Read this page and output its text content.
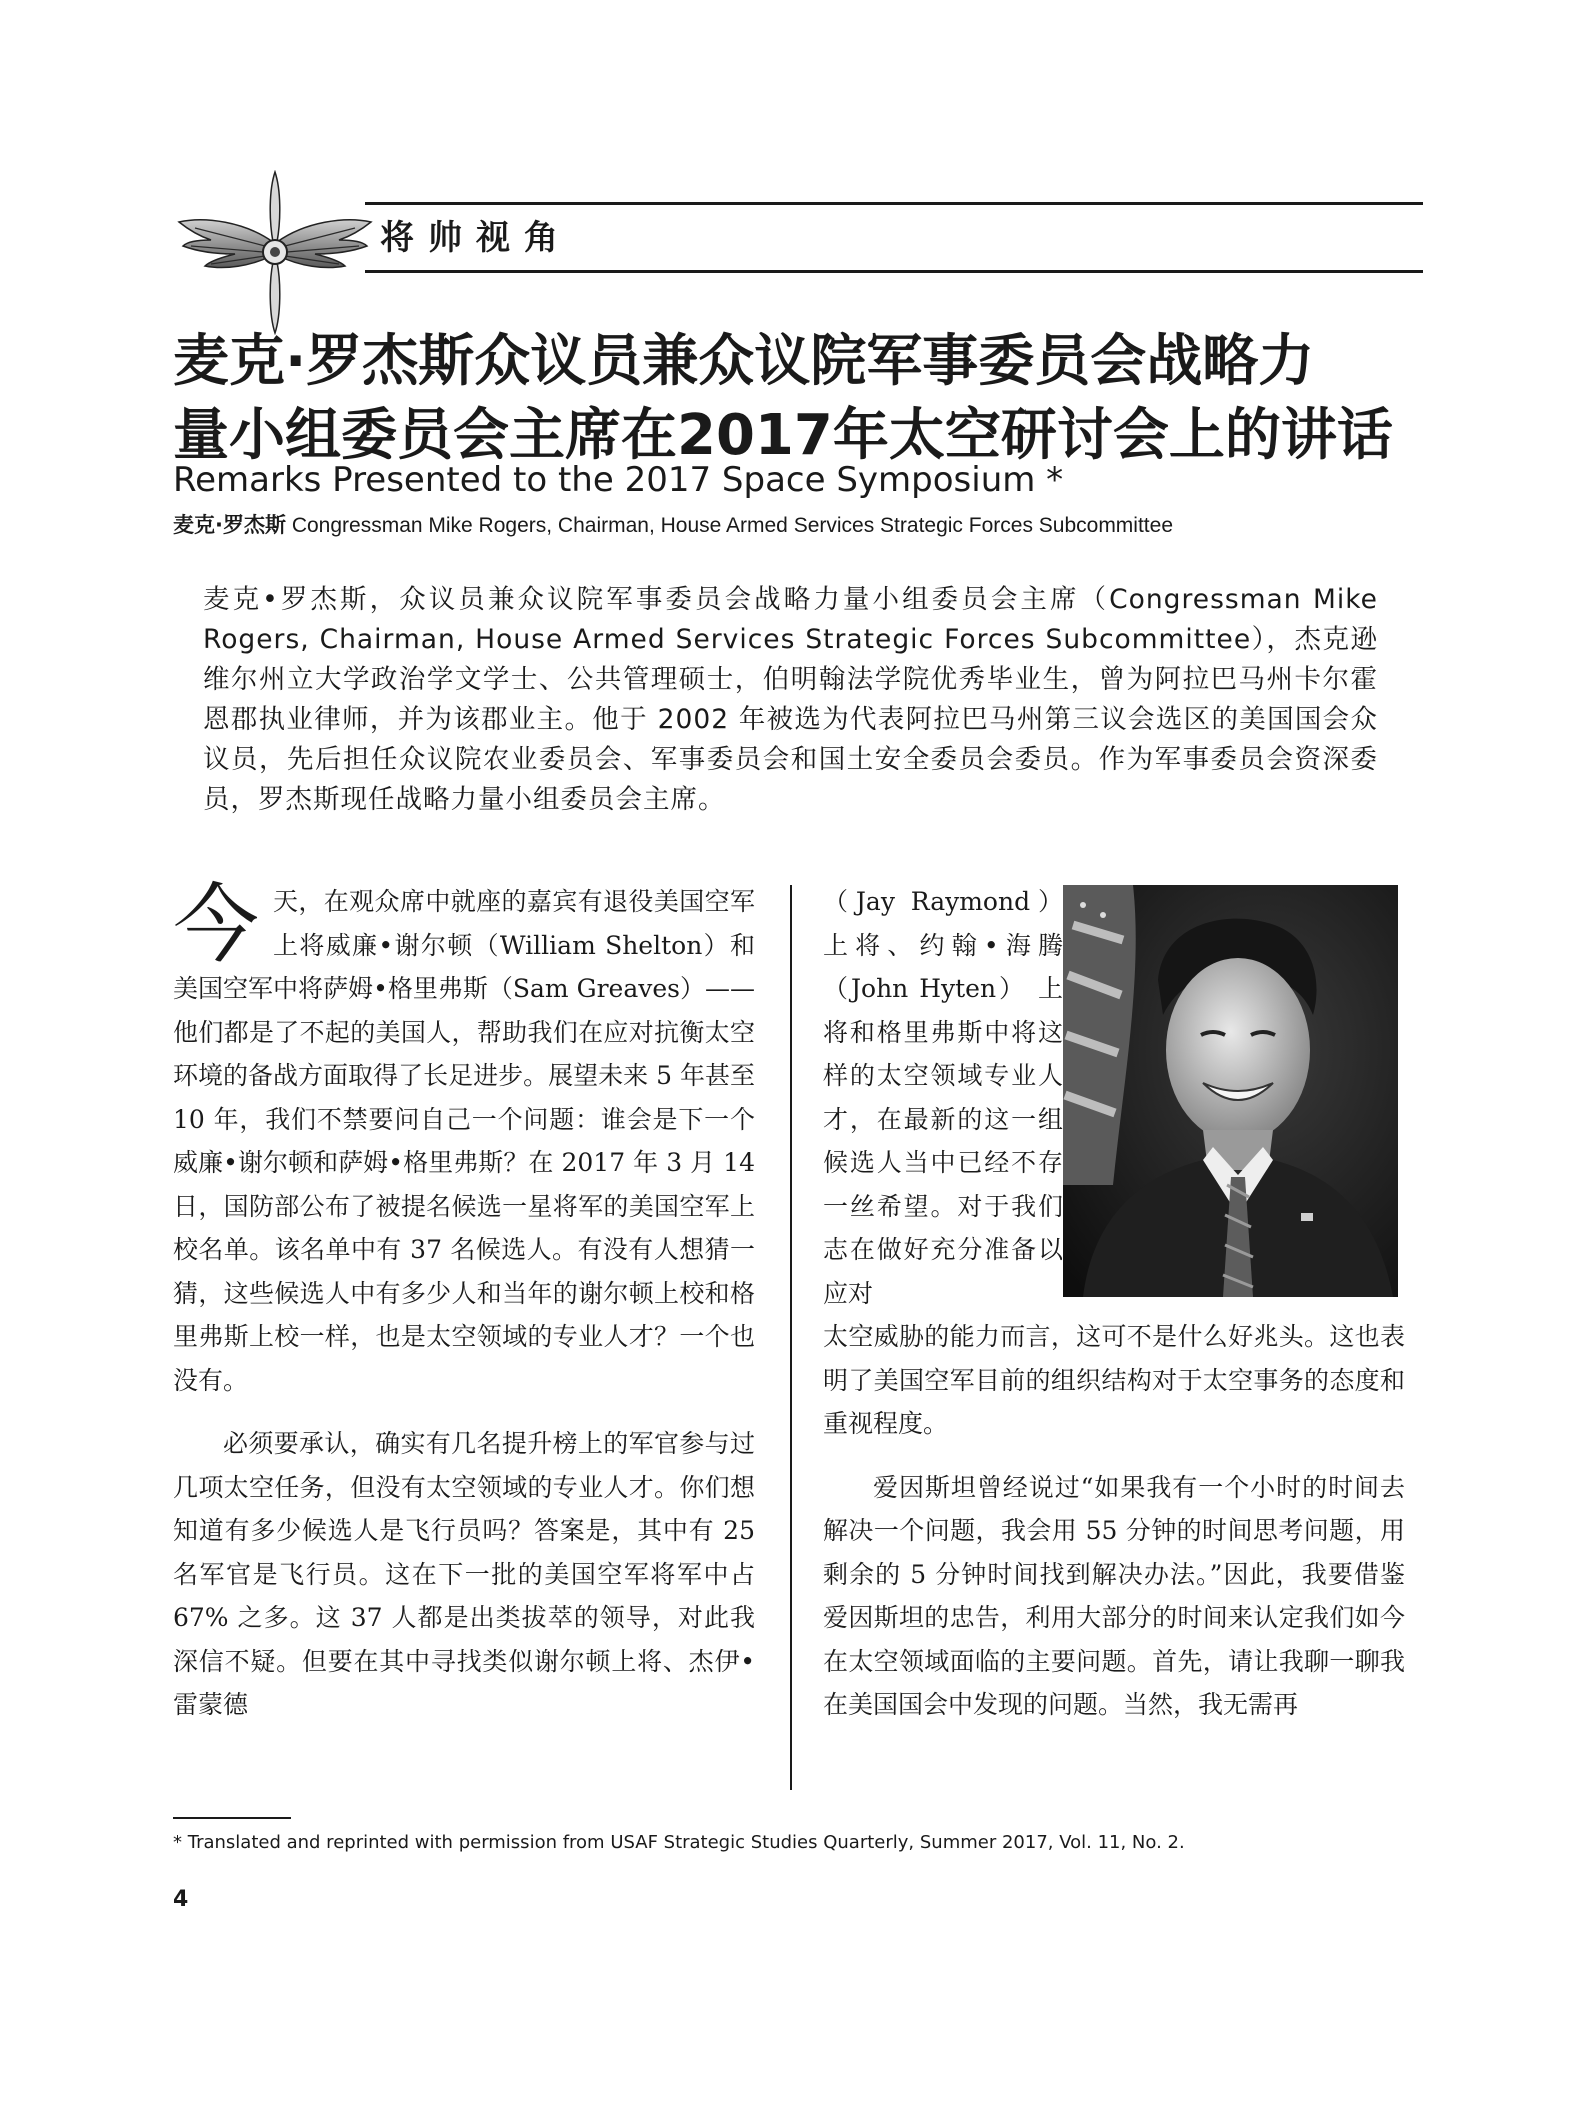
将帅视角
麦克·罗杰斯众议员兼众议院军事委员会战略力
量小组委员会主席在2017年太空研讨会上的讲话
Remarks Presented to the 2017 Space Symposium *
麦克·罗杰斯 Congressman Mike Rogers, Chairman, House Armed Services Strategic Forces Subcommittee
麦克•罗杰斯，众议员兼众议院军事委员会战略力量小组委员会主席（Congressman Mike Rogers, Chairman, House Armed Services Strategic Forces Subcommittee），杰克逊维尔州立大学政治学文学士、公共管理硕士，伯明翰法学院优秀毕业生，曾为阿拉巴马州卡尔霍恩郡执业律师，并为该郡业主。他于 2002 年被选为代表阿拉巴马州第三议会选区的美国国会众议员，先后担任众议院农业委员会、军事委员会和国土安全委员会委员。作为军事委员会资深委员，罗杰斯现任战略力量小组委员会主席。

今天，在观众席中就座的嘉宾有退役美国空军上将威廉•谢尔顿（William Shelton）和美国空军中将萨姆•格里弗斯（Sam Greaves）——他们都是了不起的美国人，帮助我们在应对抗衡太空环境的备战方面取得了长足进步。展望未来 5 年甚至 10 年，我们不禁要问自己一个问题：谁会是下一个威廉•谢尔顿和萨姆•格里弗斯？在 2017 年 3 月 14 日，国防部公布了被提名候选一星将军的美国空军上校名单。该名单中有 37 名候选人。有没有人想猜一猜，这些候选人中有多少人和当年的谢尔顿上校和格里弗斯上校一样，也是太空领域的专业人才？一个也没有。

必须要承认，确实有几名提升榜上的军官参与过几项太空任务，但没有太空领域的专业人才。你们想知道有多少候选人是飞行员吗？答案是，其中有 25 名军官是飞行员。这在下一批的美国空军将军中占 67% 之多。这 37 人都是出类拔萃的领导，对此我深信不疑。但要在其中寻找类似谢尔顿上将、杰伊•雷蒙德

（Jay Raymond） 上将、约翰•海腾（John Hyten） 上将和格里弗斯中将这样的太空领域专业人才，在最新的这一组候选人当中已经不存一丝希望。对于我们志在做好充分准备以应对

太空威胁的能力而言，这可不是什么好兆头。这也表明了美国空军目前的组织结构对于太空事务的态度和重视程度。

爱因斯坦曾经说过“如果我有一个小时的时间去解决一个问题，我会用 55 分钟的时间思考问题，用剩余的 5 分钟时间找到解决办法。”因此，我要借鉴爱因斯坦的忠告，利用大部分的时间来认定我们如今在太空领域面临的主要问题。首先，请让我聊一聊我在美国国会中发现的问题。当然，我无需再

* Translated and reprinted with permission from USAF Strategic Studies Quarterly, Summer 2017, Vol. 11, No. 2.
4
